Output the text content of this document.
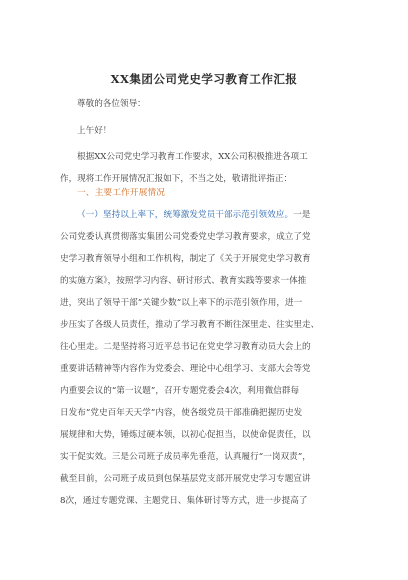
XX集团公司党史学习教育工作汇报
尊敬的各位领导：
上午好！
根据XX公司党史学习教育工作要求，XX公司积极推进各项工
作，现将工作开展情况汇报如下，不当之处，敬请批评指正：
一、主要工作开展情况
（一）坚持以上率下，统筹激发党员干部示范引领效应。一是
公司党委认真贯彻落实集团公司党委党史学习教育要求，成立了党
史学习教育领导小组和工作机构，制定了《关于开展党史学习教育
的实施方案》，按照学习内容、研讨形式、教育实践等要求一体推
进，突出了领导干部“关键少数”以上率下的示范引领作用，进一
步压实了各级人员责任，推动了学习教育不断往深里走、往实里走、
往心里走。二是坚持将习近平总书记在党史学习教育动员大会上的
重要讲话精神等内容作为党委会、理论中心组学习、支部大会等党
内重要会议的“第一议题”，召开专题党委会4次，利用微信群每
日发布“党史百年天天学”内容，使各级党员干部准确把握历史发
展规律和大势，锤炼过硬本领，以初心促担当，以使命促责任，以
实干促实效。三是公司班子成员率先垂范，认真履行“一岗双责”，
截至目前，公司班子成员到包保基层党支部开展党史学习专题宣讲
8次，通过专题党课、主题党日、集体研讨等方式，进一步提高了
